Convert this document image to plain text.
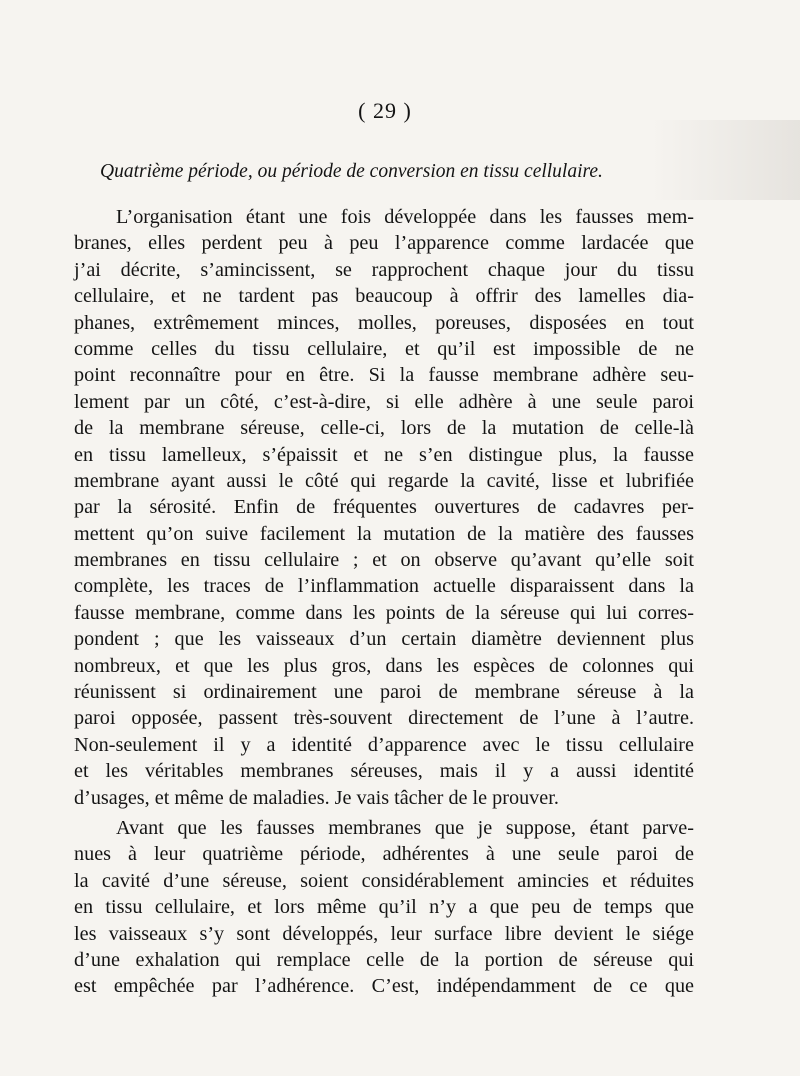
( 29 )
Quatrième période, ou période de conversion en tissu cellulaire.
L’organisation étant une fois développée dans les fausses mem-
branes, elles perdent peu à peu l’apparence comme lardacée que
j’ai décrite, s’amincissent, se rapprochent chaque jour du tissu
cellulaire, et ne tardent pas beaucoup à offrir des lamelles dia-
phanes, extrêmement minces, molles, poreuses, disposées en tout
comme celles du tissu cellulaire, et qu’il est impossible de ne
point reconnaître pour en être. Si la fausse membrane adhère seu-
lement par un côté, c’est-à-dire, si elle adhère à une seule paroi
de la membrane séreuse, celle-ci, lors de la mutation de celle-là
en tissu lamelleux, s’épaissit et ne s’en distingue plus, la fausse
membrane ayant aussi le côté qui regarde la cavité, lisse et lubrifiée
par la sérosité. Enfin de fréquentes ouvertures de cadavres per-
mettent qu’on suive facilement la mutation de la matière des fausses
membranes en tissu cellulaire ; et on observe qu’avant qu’elle soit
complète, les traces de l’inflammation actuelle disparaissent dans la
fausse membrane, comme dans les points de la séreuse qui lui corres-
pondent ; que les vaisseaux d’un certain diamètre deviennent plus
nombreux, et que les plus gros, dans les espèces de colonnes qui
réunissent si ordinairement une paroi de membrane séreuse à la
paroi opposée, passent très-souvent directement de l’une à l’autre.
Non-seulement il y a identité d’apparence avec le tissu cellulaire
et les véritables membranes séreuses, mais il y a aussi identité
d’usages, et même de maladies. Je vais tâcher de le prouver.
Avant que les fausses membranes que je suppose, étant parve-
nues à leur quatrième période, adhérentes à une seule paroi de
la cavité d’une séreuse, soient considérablement amincies et réduites
en tissu cellulaire, et lors même qu’il n’y a que peu de temps que
les vaisseaux s’y sont développés, leur surface libre devient le siége
d’une exhalation qui remplace celle de la portion de séreuse qui
est empêchée par l’adhérence. C’est, indépendamment de ce que
